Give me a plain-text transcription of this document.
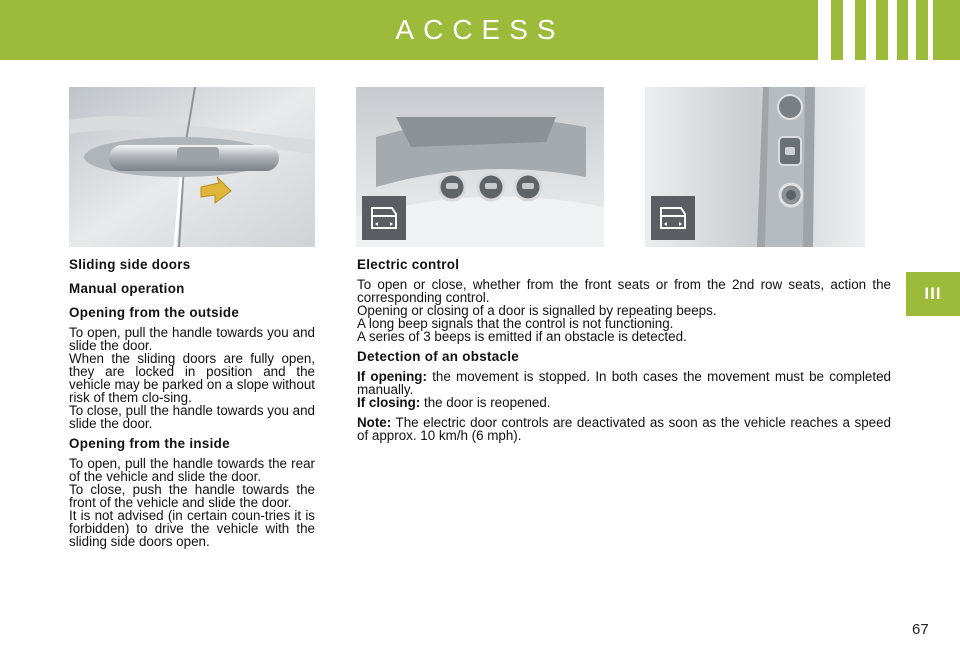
ACCESS
III
Sliding side doors
Manual operation
Opening from the outside

To open, pull the handle towards you and slide the door.
When the sliding doors are fully open, they are locked in position and the vehicle may be parked on a slope without risk of them clo-sing.
To close, pull the handle towards you and slide the door.

Opening from the inside

To open, pull the handle towards the rear of the vehicle and slide the door.
To close, push the handle towards the front of the vehicle and slide the door.
It is not advised (in certain coun-tries it is forbidden) to drive the vehicle with the sliding side doors open.

Electric control

To open or close, whether from the front seats or from the 2nd row seats, action the corresponding control.
Opening or closing of a door is signalled by repeating beeps.
A long beep signals that the control is not functioning.
A series of 3 beeps is emitted if an obstacle is detected.

Detection of an obstacle

If opening: the movement is stopped. In both cases the movement must be completed manually.
If closing: the door is reopened.

Note: The electric door controls are deactivated as soon as the vehicle reaches a speed of approx. 10 km/h (6 mph).

67
